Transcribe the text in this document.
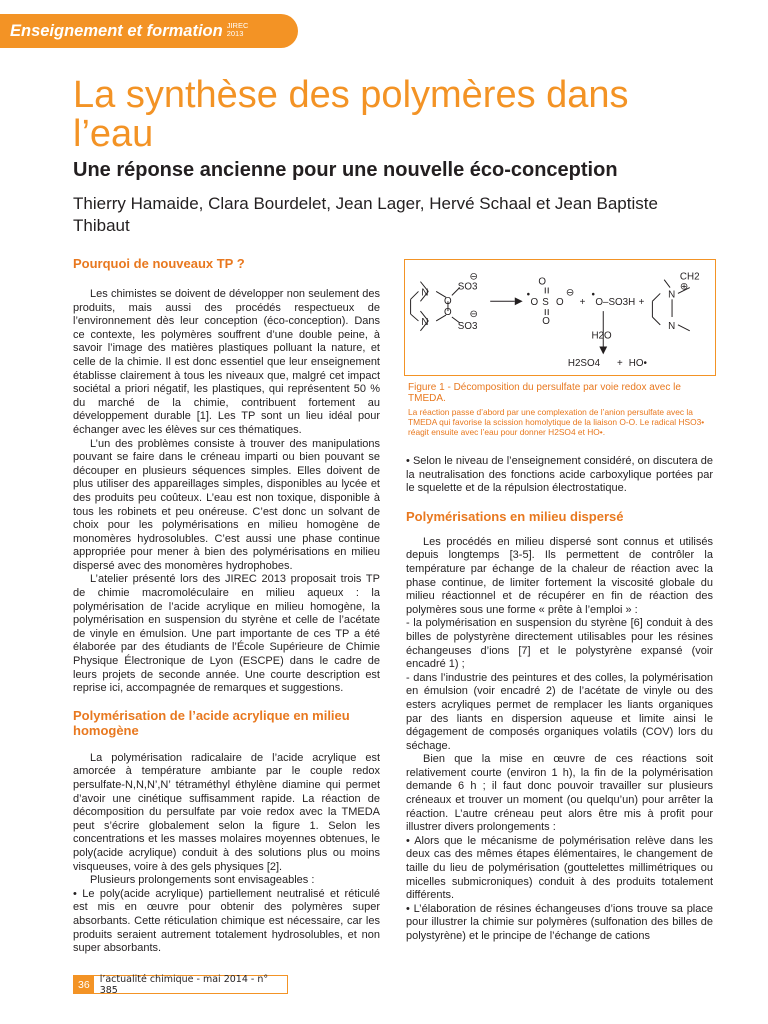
Enseignement et formation JIREC 2013
La synthèse des polymères dans l’eau
Une réponse ancienne pour une nouvelle éco-conception
Thierry Hamaide, Clara Bourdelet, Jean Lager, Hervé Schaal et Jean Baptiste Thibaut
Pourquoi de nouveaux TP ?

Les chimistes se doivent de développer non seulement des produits, mais aussi des procédés respectueux de l’environnement dès leur conception (éco-conception). Dans ce contexte, les polymères souffrent d’une double peine, à savoir l’image des matières plastiques polluant la nature, et celle de la chimie. Il est donc essentiel que leur enseignement établisse clairement à tous les niveaux que, malgré cet impact sociétal a priori négatif, les plastiques, qui représentent 50 % du marché de la chimie, contribuent fortement au développement durable [1]. Les TP sont un lieu idéal pour échanger avec les élèves sur ces thématiques.

L’un des problèmes consiste à trouver des manipulations pouvant se faire dans le créneau imparti ou bien pouvant se découper en plusieurs séquences simples. Elles doivent de plus utiliser des appareillages simples, disponibles au lycée et des produits peu coûteux. L’eau est non toxique, disponible à tous les robinets et peu onéreuse. C’est donc un solvant de choix pour les polymérisations en milieu homogène de monomères hydrosolubles. C’est aussi une phase continue appropriée pour mener à bien des polymérisations en milieu dispersé avec des monomères hydrophobes.

L’atelier présenté lors des JIREC 2013 proposait trois TP de chimie macromoléculaire en milieu aqueux : la polymérisation de l’acide acrylique en milieu homogène, la polymérisation en suspension du styrène et celle de l’acétate de vinyle en émulsion. Une part importante de ces TP a été élaborée par des étudiants de l’École Supérieure de Chimie Physique Électronique de Lyon (ESCPE) dans le cadre de leurs projets de seconde année. Une courte description est reprise ici, accompagnée de remarques et suggestions.

Polymérisation de l’acide acrylique en milieu homogène

La polymérisation radicalaire de l’acide acrylique est amorcée à température ambiante par le couple redox persulfate-N,N,N’,N’ tétraméthyl éthylène diamine qui permet d’avoir une cinétique suffisamment rapide. La réaction de décomposition du persulfate par voie redox avec la TMEDA peut s’écrire globalement selon la figure 1. Selon les concentrations et les masses molaires moyennes obtenues, le poly(acide acrylique) conduit à des solutions plus ou moins visqueuses, voire à des gels physiques [2].

Plusieurs prolongements sont envisageables :

• Le poly(acide acrylique) partiellement neutralisé et réticulé est mis en œuvre pour obtenir des polymères super absorbants. Cette réticulation chimique est nécessaire, car les produits seraient autrement totalement hydrosolubles, et non super absorbants.

N
N
O
O
SO3
SO3
⊖
⊖
•
O
O
S
O
O
⊖
+
•
O–SO3H +
N
⊕
CH2
N
H2O
H2SO4 + HO•
Figure 1 - Décomposition du persulfate par voie redox avec le TMEDA.
La réaction passe d’abord par une complexation de l’anion persulfate avec la TMEDA qui favorise la scission homolytique de la liaison O-O. Le radical HSO3• réagit ensuite avec l’eau pour donner H2SO4 et HO•.

• Selon le niveau de l’enseignement considéré, on discutera de la neutralisation des fonctions acide carboxylique portées par le squelette et de la répulsion électrostatique.

Polymérisations en milieu dispersé

Les procédés en milieu dispersé sont connus et utilisés depuis longtemps [3-5]. Ils permettent de contrôler la température par échange de la chaleur de réaction avec la phase continue, de limiter fortement la viscosité globale du milieu réactionnel et de récupérer en fin de réaction des polymères sous une forme « prête à l’emploi » :

- la polymérisation en suspension du styrène [6] conduit à des billes de polystyrène directement utilisables pour les résines échangeuses d’ions [7] et le polystyrène expansé (voir encadré 1) ;

- dans l’industrie des peintures et des colles, la polymérisation en émulsion (voir encadré 2) de l’acétate de vinyle ou des esters acryliques permet de remplacer les liants organiques par des liants en dispersion aqueuse et limite ainsi le dégagement de composés organiques volatils (COV) lors du séchage.

Bien que la mise en œuvre de ces réactions soit relativement courte (environ 1 h), la fin de la polymérisation demande 6 h ; il faut donc pouvoir travailler sur plusieurs créneaux et trouver un moment (ou quelqu’un) pour arrêter la réaction. L’autre créneau peut alors être mis à profit pour illustrer divers prolongements :

• Alors que le mécanisme de polymérisation relève dans les deux cas des mêmes étapes élémentaires, le changement de taille du lieu de polymérisation (gouttelettes millimétriques ou micelles submicroniques) conduit à des produits totalement différents.

• L’élaboration de résines échangeuses d’ions trouve sa place pour illustrer la chimie sur polymères (sulfonation des billes de polystyrène) et le principe de l’échange de cations

36	l’actualité chimique - mai 2014 - n° 385
